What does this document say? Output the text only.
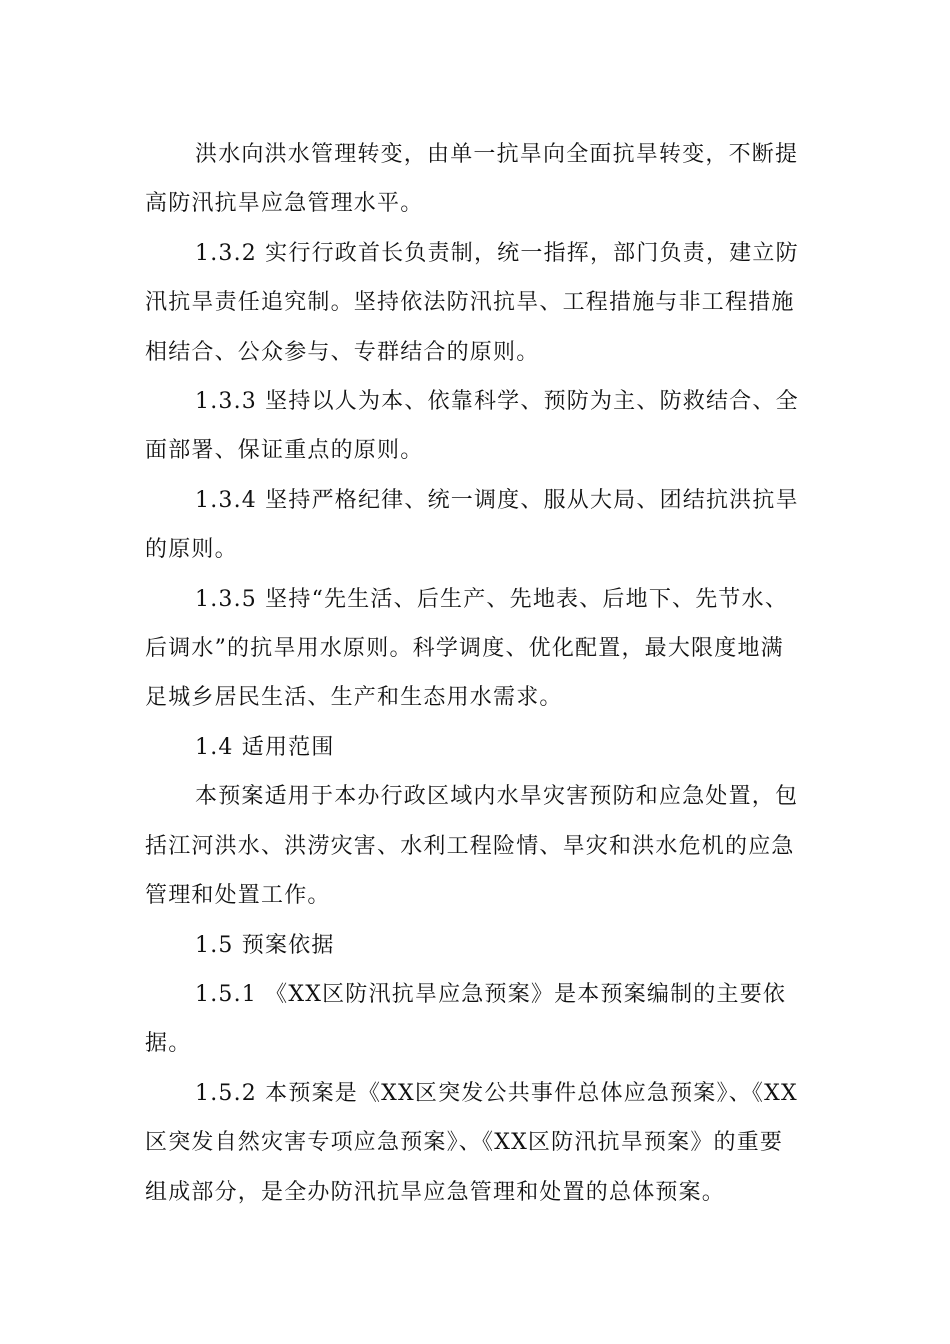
洪水向洪水管理转变，由单一抗旱向全面抗旱转变，不断提高防汛抗旱应急管理水平。

1.3.2 实行行政首长负责制，统一指挥，部门负责，建立防汛抗旱责任追究制。坚持依法防汛抗旱、工程措施与非工程措施相结合、公众参与、专群结合的原则。

1.3.3 坚持以人为本、依靠科学、预防为主、防救结合、全面部署、保证重点的原则。

1.3.4 坚持严格纪律、统一调度、服从大局、团结抗洪抗旱的原则。

1.3.5 坚持“先生活、后生产、先地表、后地下、先节水、后调水”的抗旱用水原则。科学调度、优化配置，最大限度地满足城乡居民生活、生产和生态用水需求。

1.4 适用范围

本预案适用于本办行政区域内水旱灾害预防和应急处置，包括江河洪水、洪涝灾害、水利工程险情、旱灾和洪水危机的应急管理和处置工作。

1.5 预案依据

1.5.1 《XX区防汛抗旱应急预案》是本预案编制的主要依据。

1.5.2 本预案是《XX区突发公共事件总体应急预案》、《XX区突发自然灾害专项应急预案》、《XX区防汛抗旱预案》的重要组成部分，是全办防汛抗旱应急管理和处置的总体预案。
